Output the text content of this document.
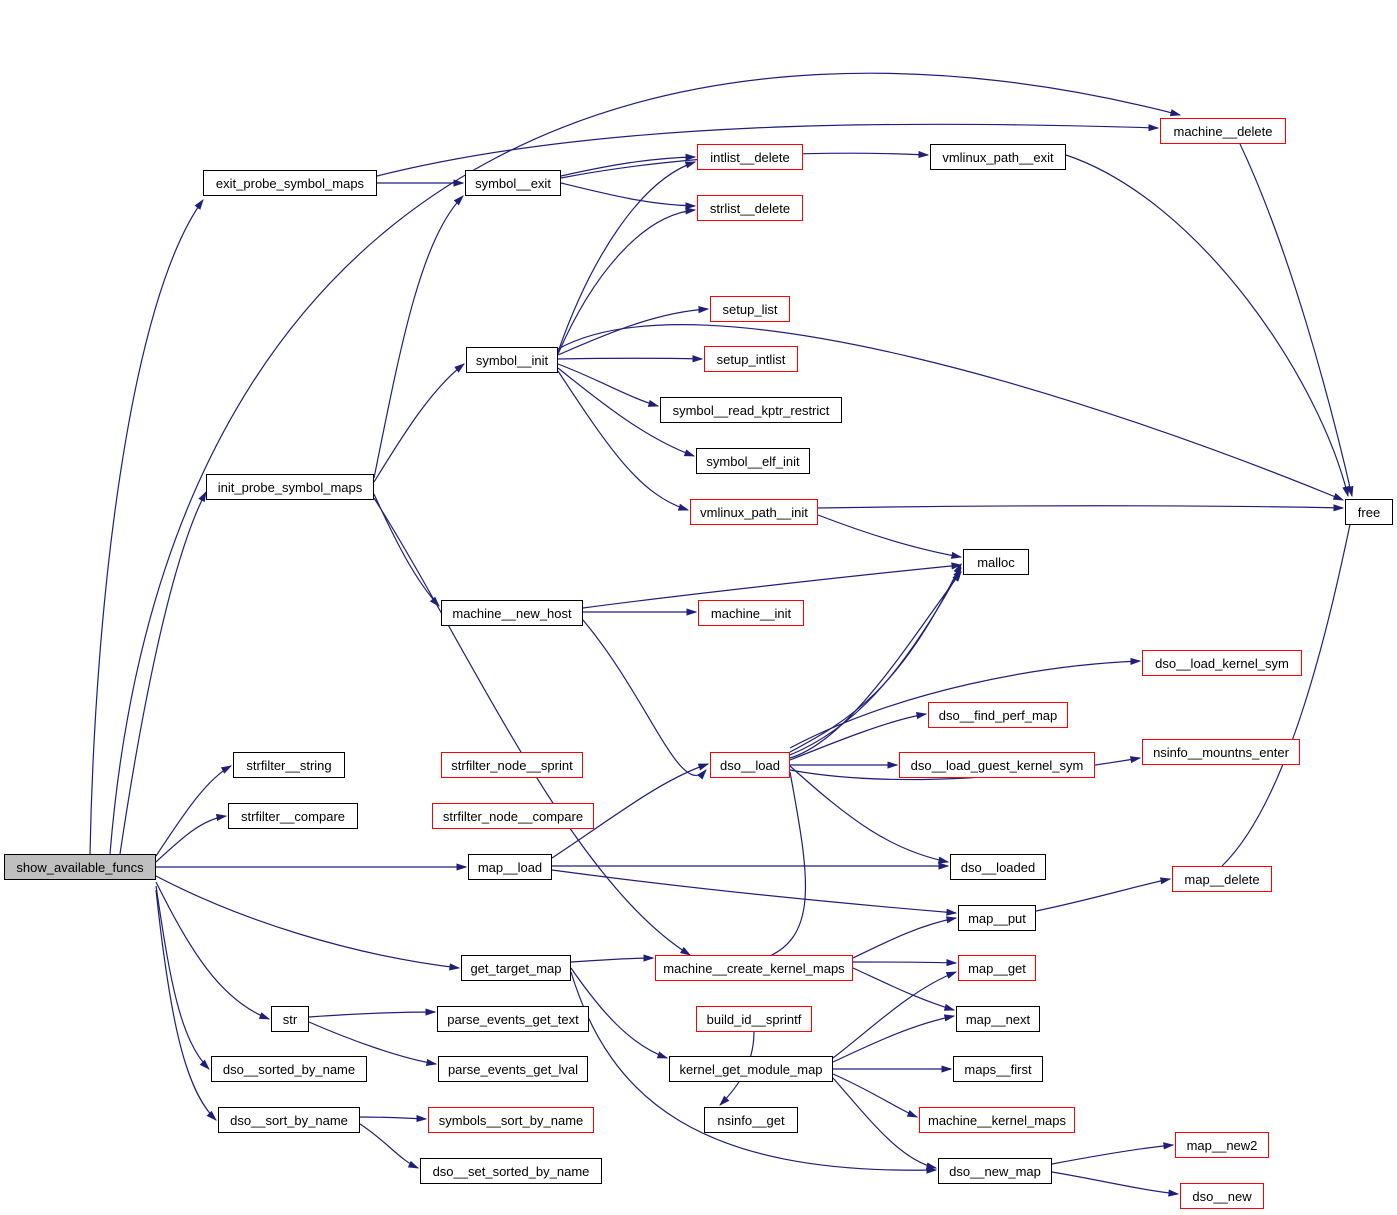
show_available_funcs
exit_probe_symbol_maps
init_probe_symbol_maps
symbol__exit
symbol__init
intlist__delete
strlist__delete
setup_list
setup_intlist
symbol__read_kptr_restrict
symbol__elf_init
vmlinux_path__init
vmlinux_path__exit
machine__delete
free
malloc
machine__new_host	machine__init
dso__load_kernel_sym
dso__find_perf_map
nsinfo__mountns_enter
dso__load	dso__load_guest_kernel_sym
strfilter__string	strfilter_node__sprint
strfilter__compare	strfilter_node__compare
map__load	dso__loaded
map__delete
map__put
get_target_map	machine__create_kernel_maps	map__get
str	parse_events_get_text	build_id__sprintf	map__next
dso__sorted_by_name	parse_events_get_lval	kernel_get_module_map	maps__first
dso__sort_by_name	symbols__sort_by_name	nsinfo__get	machine__kernel_maps
dso__set_sorted_by_name	dso__new_map
map__new2
dso__new
